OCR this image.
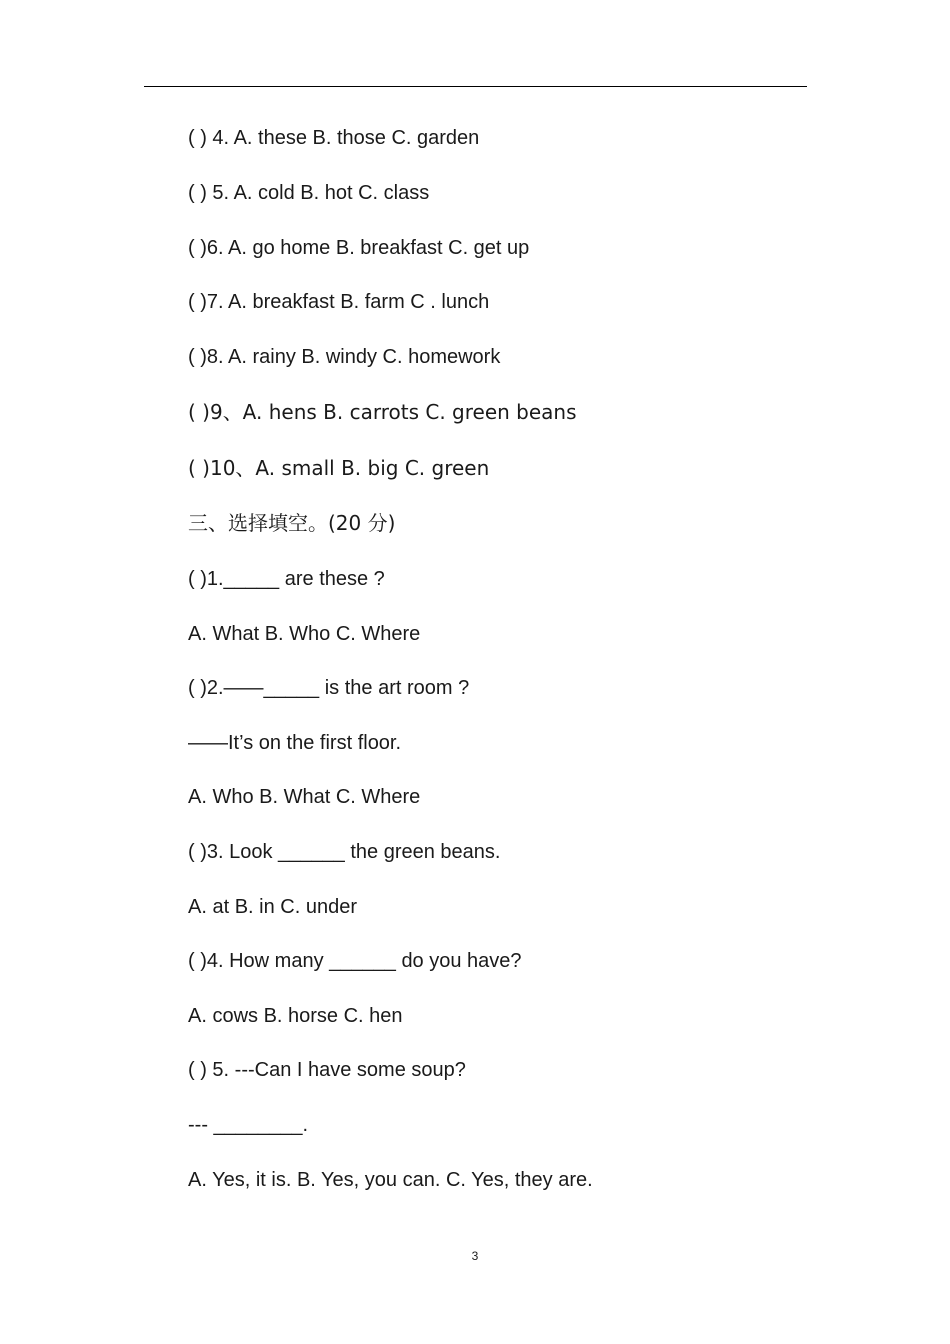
( ) 4. A. these B. those C. garden
( ) 5. A. cold B. hot C. class
( )6. A. go home B. breakfast C. get up
( )7. A. breakfast B. farm C . lunch
( )8. A. rainy B. windy C. homework
( )9、A. hens B. carrots C. green beans
( )10、A. small B. big C. green
三、选择填空。(20 分)
( )1._____ are these ?
A. What B. Who C. Where
( )2.——_____ is the art room ?
——It’s on the first floor.
A. Who B. What C. Where
( )3. Look ______ the green beans.
A. at B. in C. under
( )4. How many ______ do you have?
A. cows B. horse C. hen
( ) 5. ---Can I have some soup?
--- ________.
A. Yes, it is. B. Yes, you can. C. Yes, they are.
3
